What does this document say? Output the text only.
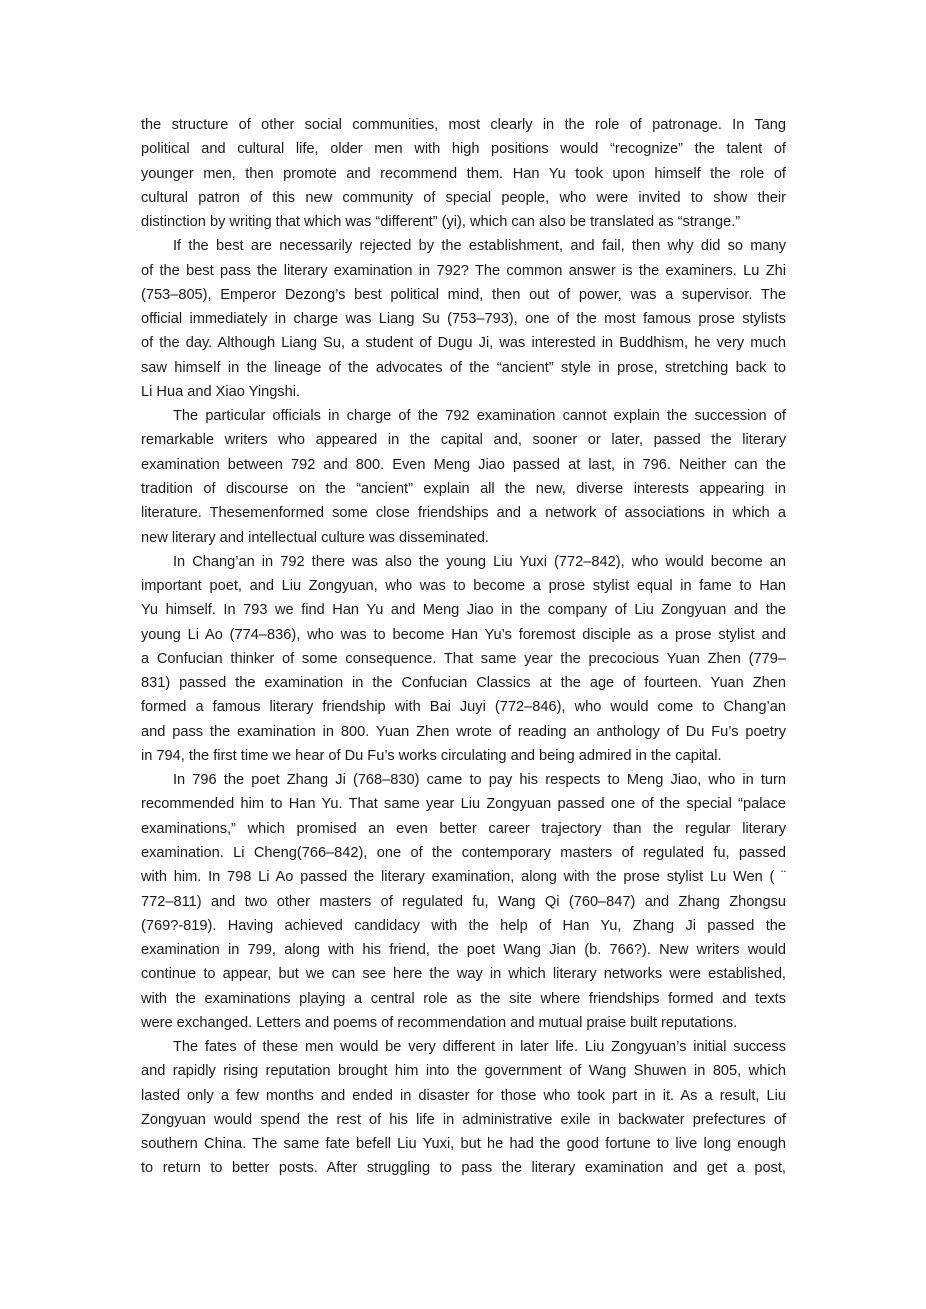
the structure of other social communities, most clearly in the role of patronage. In Tang
political and cultural life, older men with high positions would “recognize” the talent of
younger men, then promote and recommend them. Han Yu took upon himself the role of
cultural patron of this new community of special people, who were invited to show their
distinction by writing that which was “different” (yi), which can also be translated as “strange.”
If the best are necessarily rejected by the establishment, and fail, then why did so many
of the best pass the literary examination in 792? The common answer is the examiners. Lu Zhi
(753–805), Emperor Dezong’s best political mind, then out of power, was a supervisor. The
official immediately in charge was Liang Su (753–793), one of the most famous prose stylists
of the day. Although Liang Su, a student of Dugu Ji, was interested in Buddhism, he very much
saw himself in the lineage of the advocates of the “ancient” style in prose, stretching back to
Li Hua and Xiao Yingshi.
The particular officials in charge of the 792 examination cannot explain the succession of
remarkable writers who appeared in the capital and, sooner or later, passed the literary
examination between 792 and 800. Even Meng Jiao passed at last, in 796. Neither can the
tradition of discourse on the “ancient” explain all the new, diverse interests appearing in
literature. Thesemenformed some close friendships and a network of associations in which a
new literary and intellectual culture was disseminated.
In Chang’an in 792 there was also the young Liu Yuxi (772–842), who would become an
important poet, and Liu Zongyuan, who was to become a prose stylist equal in fame to Han
Yu himself. In 793 we find Han Yu and Meng Jiao in the company of Liu Zongyuan and the
young Li Ao (774–836), who was to become Han Yu’s foremost disciple as a prose stylist and
a Confucian thinker of some consequence. That same year the precocious Yuan Zhen (779–
831) passed the examination in the Confucian Classics at the age of fourteen. Yuan Zhen
formed a famous literary friendship with Bai Juyi (772–846), who would come to Chang’an
and pass the examination in 800. Yuan Zhen wrote of reading an anthology of Du Fu’s poetry
in 794, the first time we hear of Du Fu’s works circulating and being admired in the capital.
In 796 the poet Zhang Ji (768–830) came to pay his respects to Meng Jiao, who in turn
recommended him to Han Yu. That same year Liu Zongyuan passed one of the special “palace
examinations,” which promised an even better career trajectory than the regular literary
examination. Li Cheng(766–842), one of the contemporary masters of regulated fu, passed
with him. In 798 Li Ao passed the literary examination, along with the prose stylist Lu Wen ( ¨
772–811) and two other masters of regulated fu, Wang Qi (760–847) and Zhang Zhongsu
(769?-819). Having achieved candidacy with the help of Han Yu, Zhang Ji passed the
examination in 799, along with his friend, the poet Wang Jian (b. 766?). New writers would
continue to appear, but we can see here the way in which literary networks were established,
with the examinations playing a central role as the site where friendships formed and texts
were exchanged. Letters and poems of recommendation and mutual praise built reputations.
The fates of these men would be very different in later life. Liu Zongyuan’s initial success
and rapidly rising reputation brought him into the government of Wang Shuwen in 805, which
lasted only a few months and ended in disaster for those who took part in it. As a result, Liu
Zongyuan would spend the rest of his life in administrative exile in backwater prefectures of
southern China. The same fate befell Liu Yuxi, but he had the good fortune to live long enough
to return to better posts. After struggling to pass the literary examination and get a post,
